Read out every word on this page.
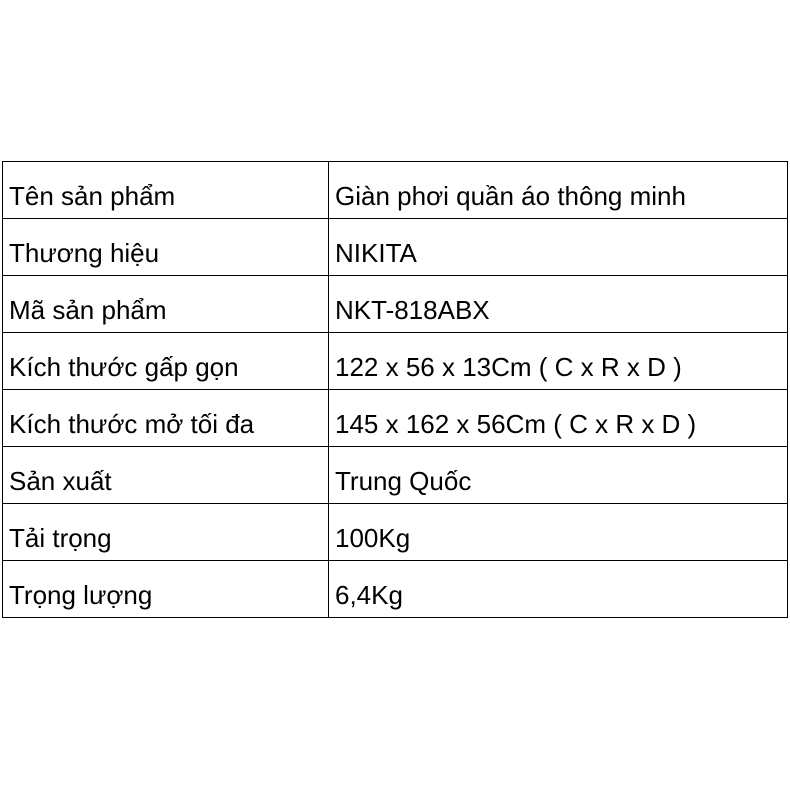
Tên sản phẩm	Giàn phơi quần áo thông minh
Thương hiệu	NIKITA
Mã sản phẩm	NKT-818ABX
Kích thước gấp gọn	122 x 56 x 13Cm ( C x R x D )
Kích thước mở tối đa	145 x 162 x 56Cm ( C x R x D )
Sản xuất	Trung Quốc
Tải trọng	100Kg
Trọng lượng	6,4Kg
